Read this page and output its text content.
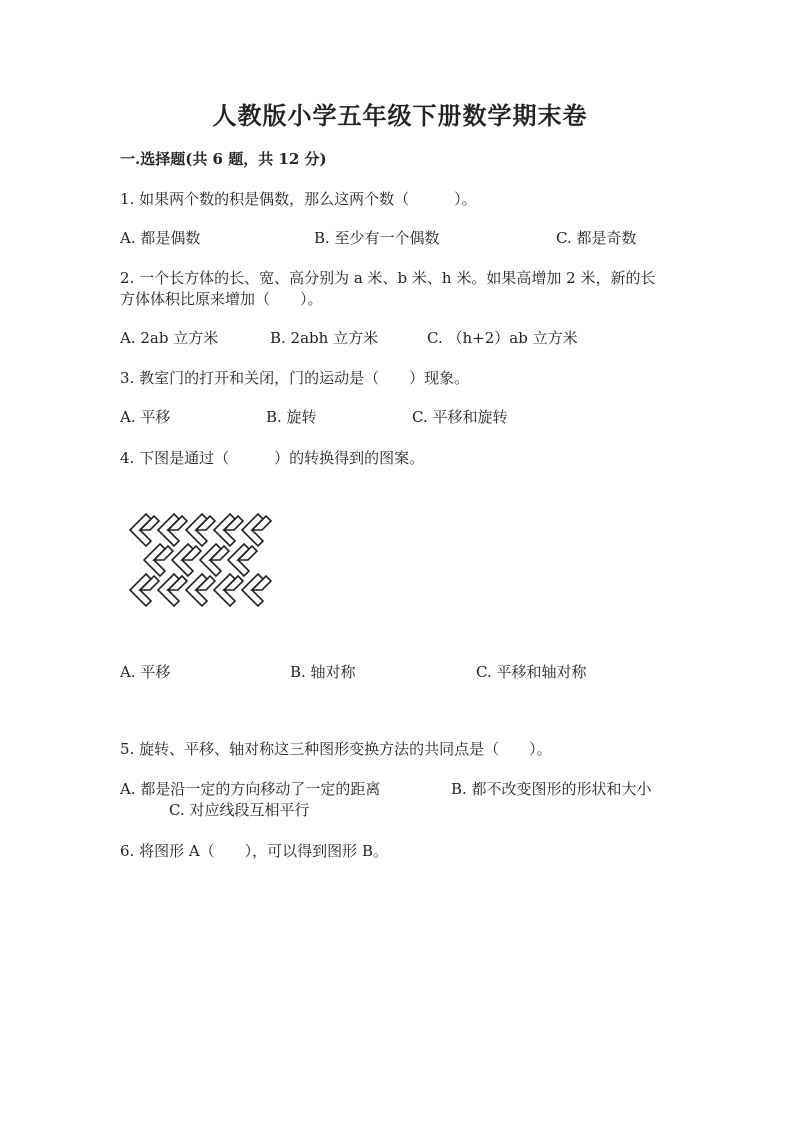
人教版小学五年级下册数学期末卷
一.选择题(共 6 题，共 12 分)
1. 如果两个数的积是偶数，那么这两个数（　　　）。
A. 都是偶数	B. 至少有一个偶数	C. 都是奇数
2. 一个长方体的长、宽、高分别为 a 米、b 米、h 米。如果高增加 2 米，新的长
方体体积比原来增加（　　）。
A. 2ab 立方米	B. 2abh 立方米	C. （h+2）ab 立方米
3. 教室门的打开和关闭，门的运动是（　　）现象。
A. 平移	B. 旋转	C. 平移和旋转
4. 下图是通过（　　　）的转换得到的图案。
A. 平移	B. 轴对称	C. 平移和轴对称
5. 旋转、平移、轴对称这三种图形变换方法的共同点是（　　）。
A. 都是沿一定的方向移动了一定的距离	B. 都不改变图形的形状和大小
C. 对应线段互相平行
6. 将图形 A（　　），可以得到图形 B。
